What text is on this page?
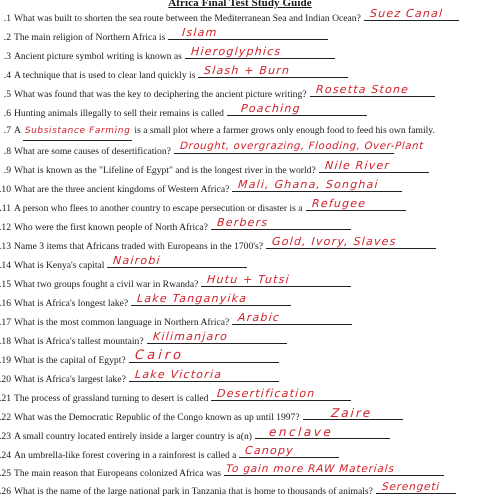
Africa Final Test Study Guide
1. What was built to shorten the sea route between the Mediterranean Sea and Indian Ocean? Suez Canal
2. The main religion of Northern Africa is Islam
3. Ancient picture symbol writing is known as Hieroglyphics
4. A technique that is used to clear land quickly is Slash + Burn
5. What was found that was the key to deciphering the ancient picture writing? Rosetta Stone
6. Hunting animals illegally to sell their remains is called Poaching
7. A Subsistance Farming is a small plot where a farmer grows only enough food to feed his own family.
8. What are some causes of desertification? Drought, overgrazing, Flooding, Over-Plant
9. What is known as the "Lifeline of Egypt" and is the longest river in the world? Nile River
10 What are the three ancient kingdoms of Western Africa? Mali, Ghana, Songhai
11 A person who flees to another country to escape persecution or disaster is a Refugee
12 Who were the first known people of North Africa? Berbers
13 Name 3 items that Africans traded with Europeans in the 1700's? Gold, Ivory, Slaves
14 What is Kenya's capital Nairobi
15 What two groups fought a civil war in Rwanda? Hutu + Tutsi
16 What is Africa's longest lake? Lake Tanganyika
17 What is the most common language in Northern Africa? Arabic
18 What is Africa's tallest mountain? Kilimanjaro
19 What is the capital of Egypt? Cairo
20 What is Africa's largest lake? Lake Victoria
21 The process of grassland turning to desert is called Desertification
22 What was the Democratic Republic of the Congo known as up until 1997?	Zaire
23 A small country located entirely inside a larger country is a(n) enclave
24 An umbrella-like forest covering in a rainforest is called a Canopy
25 The main reason that Europeans colonized Africa was To gain more RAW Materials
26 What is the name of the large national park in Tanzania that is home to thousands of animals? Serengeti
